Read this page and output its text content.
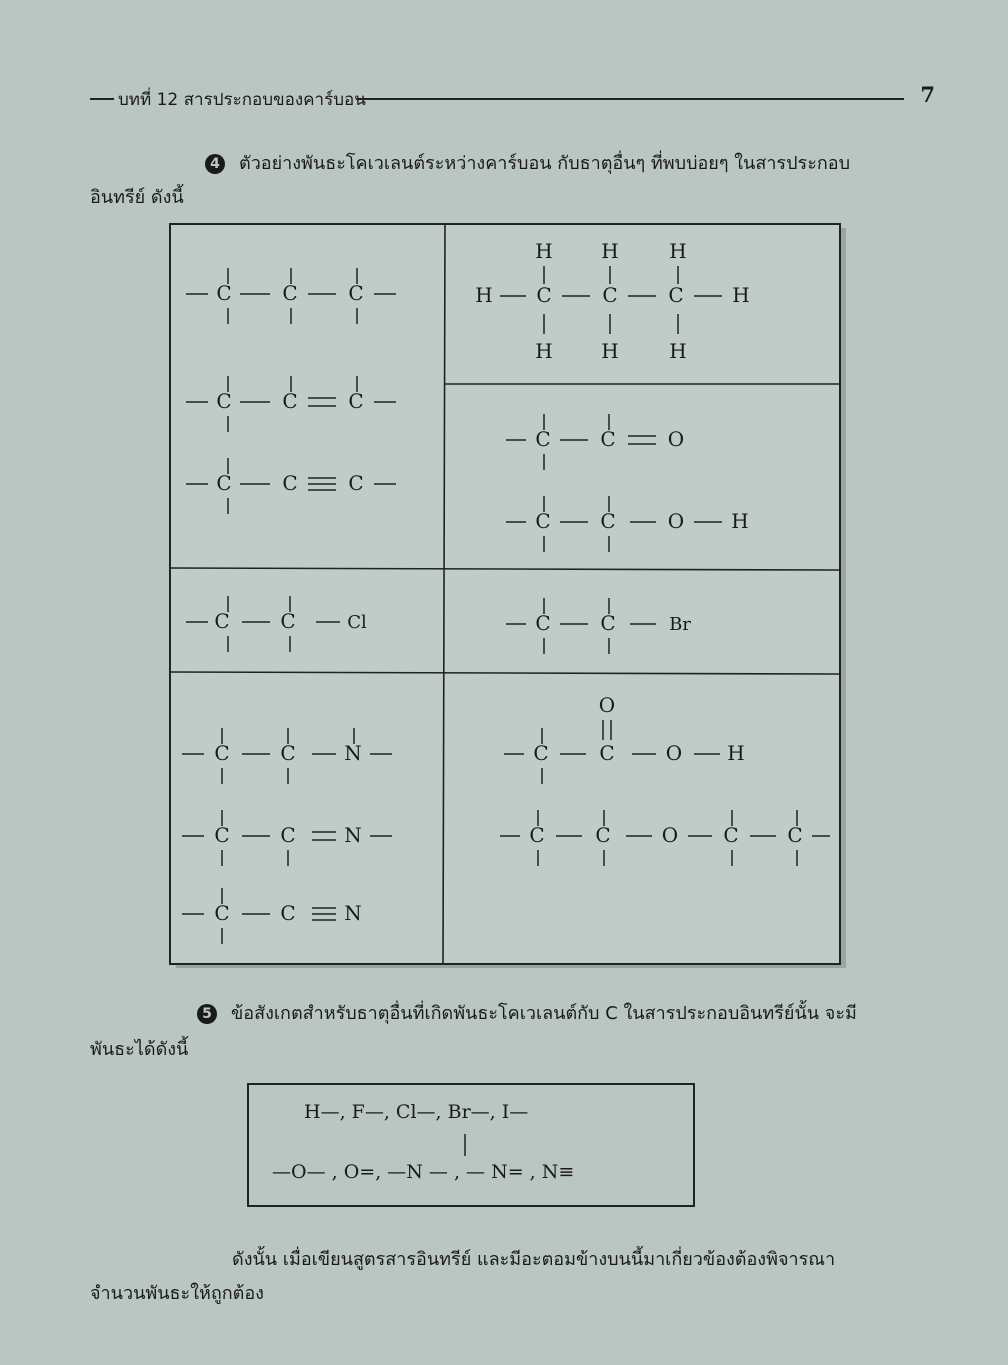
บทที่ 12 สารประกอบของคาร์บอน	7
4 ตัวอย่างพันธะโคเวเลนต์ระหว่างคาร์บอน กับธาตุอื่นๆ ที่พบบ่อยๆ ในสารประกอบ
อินทรีย์ ดังนี้
C	C	C
C	C	C
C	C	C
H C	C	C H
H
H
H
H
H
H
C C	O
C C	O H
C	C	Cl	C C	Br
C	C N
C	C N
C	C N
O
C	C	O H
C	C	O C C
5 ข้อสังเกตสำหรับธาตุอื่นที่เกิดพันธะโคเวเลนต์กับ C ในสารประกอบอินทรีย์นั้น จะมี
พันธะได้ดังนี้
H—, F—, Cl—, Br—, I—
—O— , O=, —N — , — N= , N≡
ดังนั้น เมื่อเขียนสูตรสารอินทรีย์ และมีอะตอมข้างบนนี้มาเกี่ยวข้องต้องพิจารณา
จำนวนพันธะให้ถูกต้อง
